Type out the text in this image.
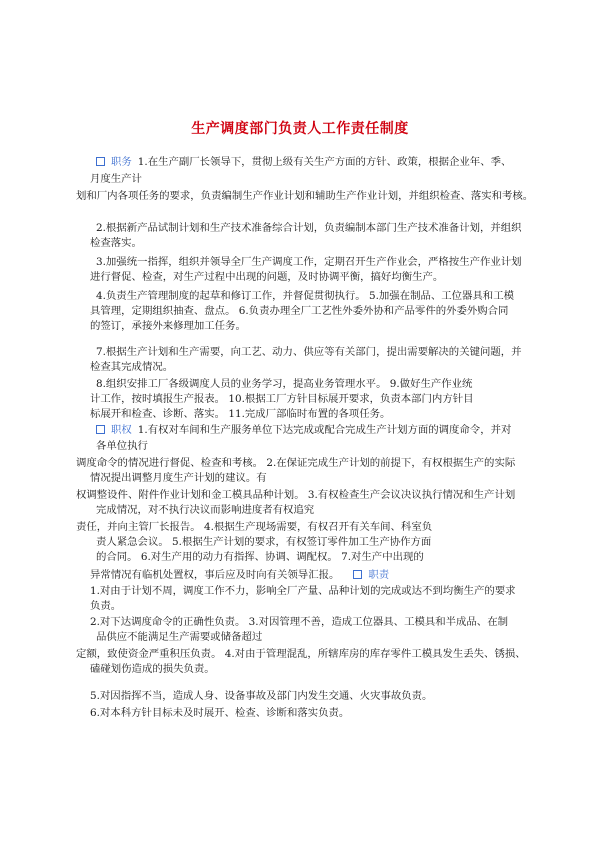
生产调度部门负责人工作责任制度
职务 1.在生产副厂长领导下，贯彻上级有关生产方面的方针、政策，根据企业年、季、
月度生产计
划和厂内各项任务的要求，负责编制生产作业计划和辅助生产作业计划，并组织检查、落实和考核。
2.根据新产品试制计划和生产技术准备综合计划，负责编制本部门生产技术准备计划，并组织
检查落实。
3.加强统一指挥，组织并领导全厂生产调度工作，定期召开生产作业会，严格按生产作业计划
进行督促、检查，对生产过程中出现的问题，及时协调平衡，搞好均衡生产。
4.负责生产管理制度的起草和修订工作，并督促贯彻执行。 5.加强在制品、工位器具和工模
具管理，定期组织抽查、盘点。 6.负责办理全厂工艺性外委外协和产品零件的外委外购合同
的签订，承接外来修理加工任务。
7.根据生产计划和生产需要，向工艺、动力、供应等有关部门，提出需要解决的关键问题，并
检查其完成情况。
8.组织安排工厂各级调度人员的业务学习，提高业务管理水平。 9.做好生产作业统
计工作，按时填报生产报表。 10.根据工厂方针目标展开要求，负责本部门内方针目
标展开和检查、诊断、落实。 11.完成厂部临时布置的各项任务。
职权 1.有权对车间和生产服务单位下达完成或配合完成生产计划方面的调度命令，并对
各单位执行
调度命令的情况进行督促、检查和考核。 2.在保证完成生产计划的前提下，有权根据生产的实际
情况提出调整月度生产计划的建议。有
权调整设件、附件作业计划和金工模具品种计划。 3.有权检查生产会议决议执行情况和生产计划
完成情况，对不执行决议而影响进度者有权追究
责任，并向主管厂长报告。 4.根据生产现场需要，有权召开有关车间、科室负
责人紧急会议。 5.根据生产计划的要求，有权签订零件加工生产协作方面
的合同。 6.对生产用的动力有指挥、协调、调配权。 7.对生产中出现的
异常情况有临机处置权，事后应及时向有关领导汇报。	职责
1.对由于计划不周，调度工作不力，影响全厂产量、品种计划的完成或达不到均衡生产的要求
负责。
2.对下达调度命令的正确性负责。 3.对因管理不善，造成工位器具、工模具和半成品、在制
品供应不能满足生产需要或储备超过
定额，致使资金严重积压负责。 4.对由于管理混乱，所辖库房的库存零件工模具发生丢失、锈损、
磕碰划伤造成的损失负责。
5.对因指挥不当，造成人身、设备事故及部门内发生交通、火灾事故负责。
6.对本科方针目标未及时展开、检查、诊断和落实负责。
